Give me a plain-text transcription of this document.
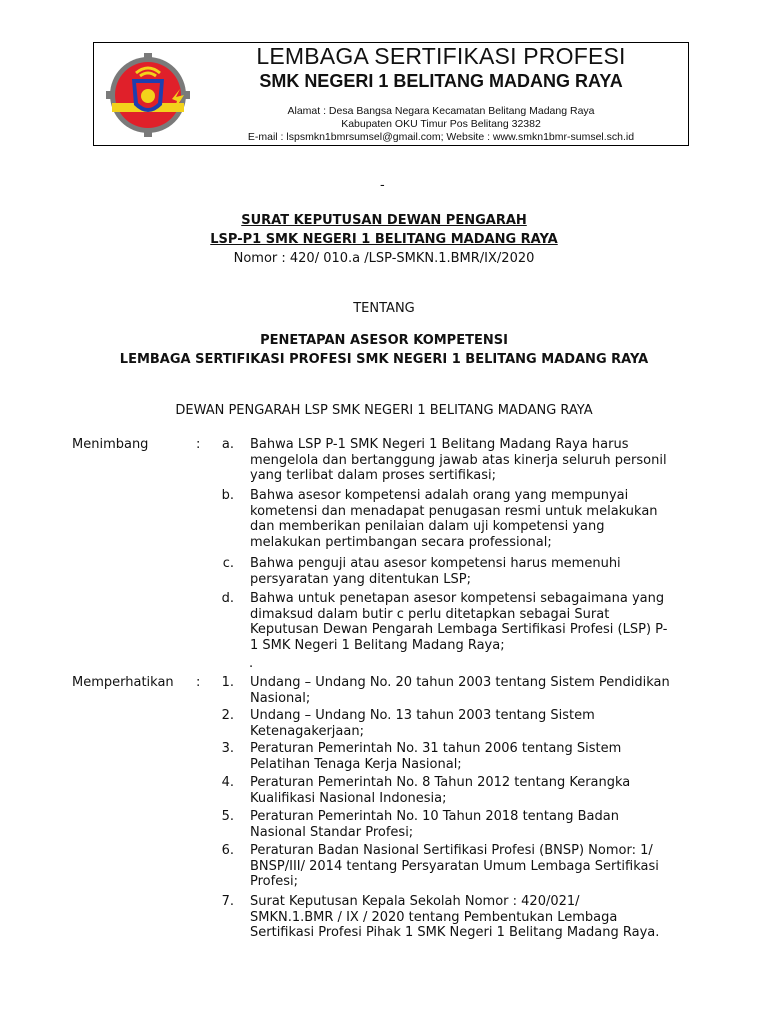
LEMBAGA SERTIFIKASI PROFESI
SMK NEGERI 1 BELITANG MADANG RAYA
Alamat : Desa Bangsa Negara Kecamatan Belitang Madang Raya
Kabupaten OKU Timur Pos Belitang 32382
E-mail : lspsmkn1bmrsumsel@gmail.com; Website : www.smkn1bmr-sumsel.sch.id
-
SURAT KEPUTUSAN DEWAN PENGARAH
LSP-P1 SMK NEGERI 1 BELITANG MADANG RAYA
Nomor : 420/ 010.a /LSP-SMKN.1.BMR/IX/2020
TENTANG
PENETAPAN ASESOR KOMPETENSI
LEMBAGA SERTIFIKASI PROFESI SMK NEGERI 1 BELITANG MADANG RAYA
DEWAN PENGARAH LSP SMK NEGERI 1 BELITANG MADANG RAYA
Menimbang	:	a. Bahwa LSP P-1 SMK Negeri 1 Belitang Madang Raya harus
mengelola dan bertanggung jawab atas kinerja seluruh personil
yang terlibat dalam proses sertifikasi;
b. Bahwa asesor kompetensi adalah orang yang mempunyai
kometensi dan menadapat penugasan resmi untuk melakukan
dan memberikan penilaian dalam uji kompetensi yang
melakukan pertimbangan secara professional;
c. Bahwa penguji atau asesor kompetensi harus memenuhi
persyaratan yang ditentukan LSP;
d. Bahwa untuk penetapan asesor kompetensi sebagaimana yang
dimaksud dalam butir c perlu ditetapkan sebagai Surat
Keputusan Dewan Pengarah Lembaga Sertifikasi Profesi (LSP) P-
1 SMK Negeri 1 Belitang Madang Raya;
.
Memperhatikan :	1. Undang – Undang No. 20 tahun 2003 tentang Sistem Pendidikan
Nasional;
2. Undang – Undang No. 13 tahun 2003 tentang Sistem
Ketenagakerjaan;
3. Peraturan Pemerintah No. 31 tahun 2006 tentang Sistem
Pelatihan Tenaga Kerja Nasional;
4. Peraturan Pemerintah No. 8 Tahun 2012 tentang Kerangka
Kualifikasi Nasional Indonesia;
5. Peraturan Pemerintah No. 10 Tahun 2018 tentang Badan
Nasional Standar Profesi;
6. Peraturan Badan Nasional Sertifikasi Profesi (BNSP) Nomor: 1/
BNSP/III/ 2014 tentang Persyaratan Umum Lembaga Sertifikasi
Profesi;
7. Surat Keputusan Kepala Sekolah Nomor : 420/021/
SMKN.1.BMR / IX / 2020 tentang Pembentukan Lembaga
Sertifikasi Profesi Pihak 1 SMK Negeri 1 Belitang Madang Raya.
